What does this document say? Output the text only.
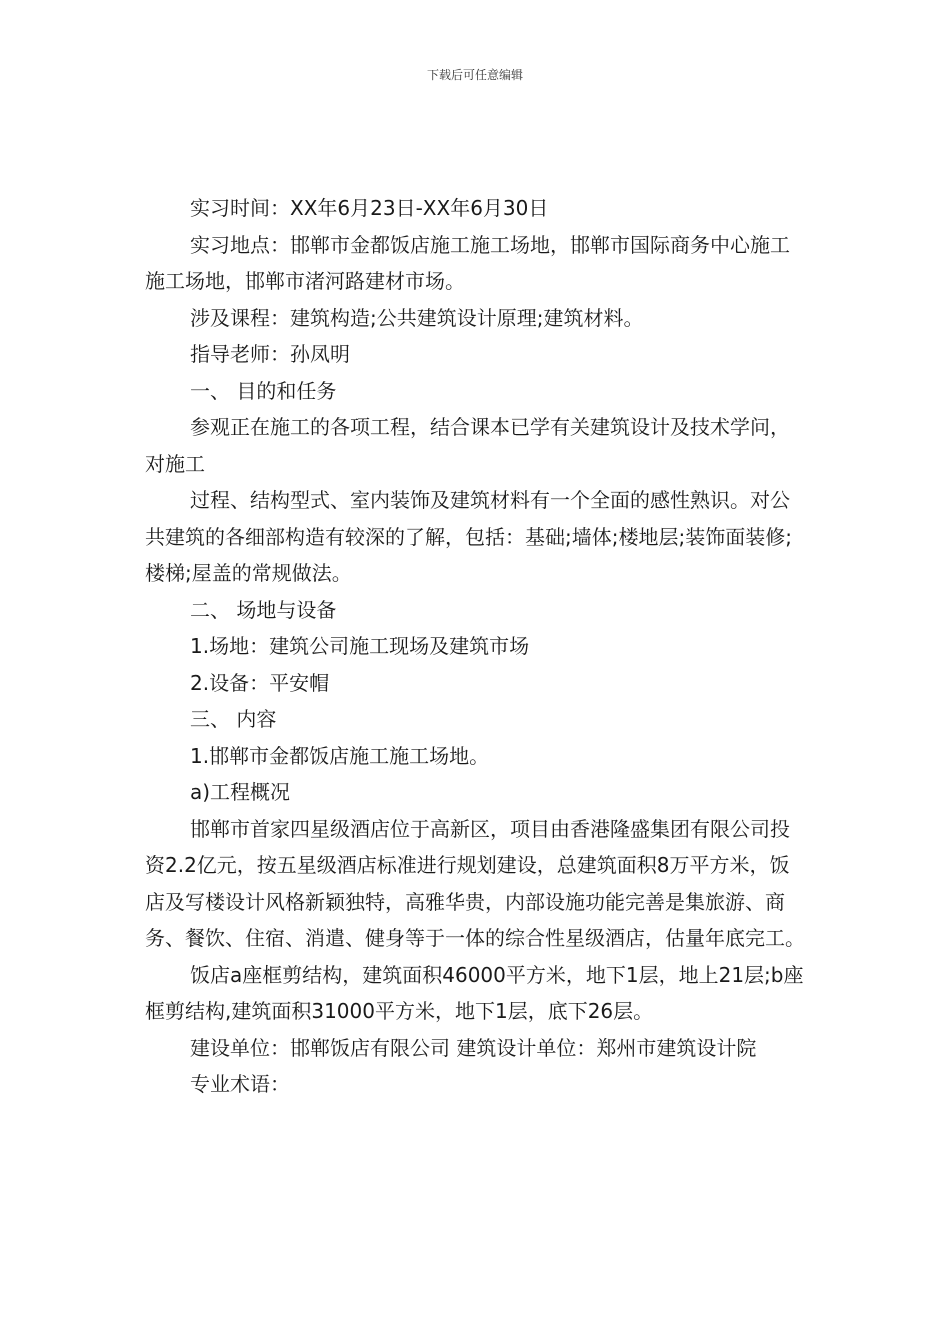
下载后可任意编辑

实习时间：XX年6月23日-XX年6月30日

实习地点：邯郸市金都饭店施工施工场地，邯郸市国际商务中心施工施工场地，邯郸市渚河路建材市场。

涉及课程：建筑构造;公共建筑设计原理;建筑材料。

指导老师：孙凤明

一、 目的和任务

参观正在施工的各项工程，结合课本已学有关建筑设计及技术学问，对施工

过程、结构型式、室内装饰及建筑材料有一个全面的感性熟识。对公共建筑的各细部构造有较深的了解，包括：基础;墙体;楼地层;装饰面装修;楼梯;屋盖的常规做法。

二、 场地与设备

1.场地：建筑公司施工现场及建筑市场

2.设备：平安帽

三、 内容

1.邯郸市金都饭店施工施工场地。

a)工程概况

邯郸市首家四星级酒店位于高新区，项目由香港隆盛集团有限公司投资2.2亿元，按五星级酒店标准进行规划建设，总建筑面积8万平方米，饭店及写楼设计风格新颖独特，高雅华贵，内部设施功能完善是集旅游、商务、餐饮、住宿、消遣、健身等于一体的综合性星级酒店，估量年底完工。

饭店a座框剪结构，建筑面积46000平方米，地下1层，地上21层;b座框剪结构,建筑面积31000平方米，地下1层，底下26层。

建设单位：邯郸饭店有限公司 建筑设计单位：郑州市建筑设计院

专业术语：
